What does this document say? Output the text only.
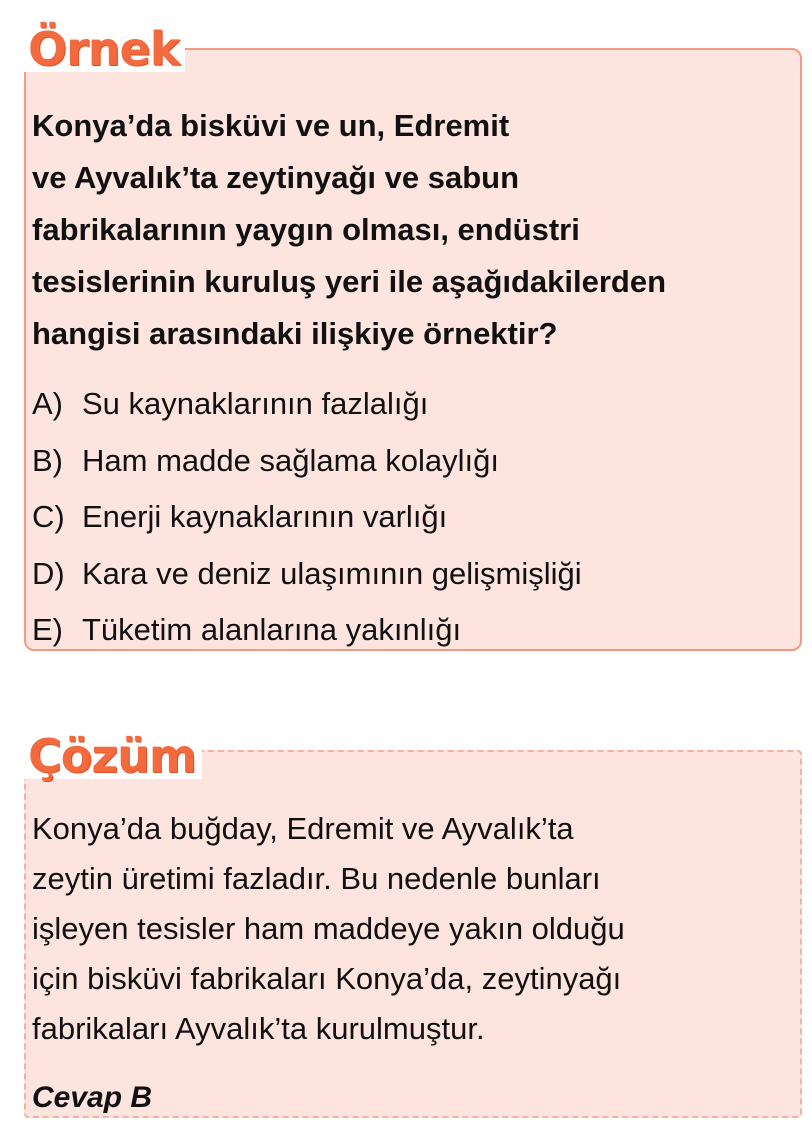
Örnek
Konya’da bisküvi ve un, Edremit
ve Ayvalık’ta zeytinyağı ve sabun
fabrikalarının yaygın olması, endüstri
tesislerinin kuruluş yeri ile aşağıdakilerden
hangisi arasındaki ilişkiye örnektir?
A) Su kaynaklarının fazlalığı
B) Ham madde sağlama kolaylığı
C) Enerji kaynaklarının varlığı
D) Kara ve deniz ulaşımının gelişmişliği
E) Tüketim alanlarına yakınlığı
Çözüm
Konya’da buğday, Edremit ve Ayvalık’ta
zeytin üretimi fazladır. Bu nedenle bunları
işleyen tesisler ham maddeye yakın olduğu
için bisküvi fabrikaları Konya’da, zeytinyağı
fabrikaları Ayvalık’ta kurulmuştur.
Cevap B
